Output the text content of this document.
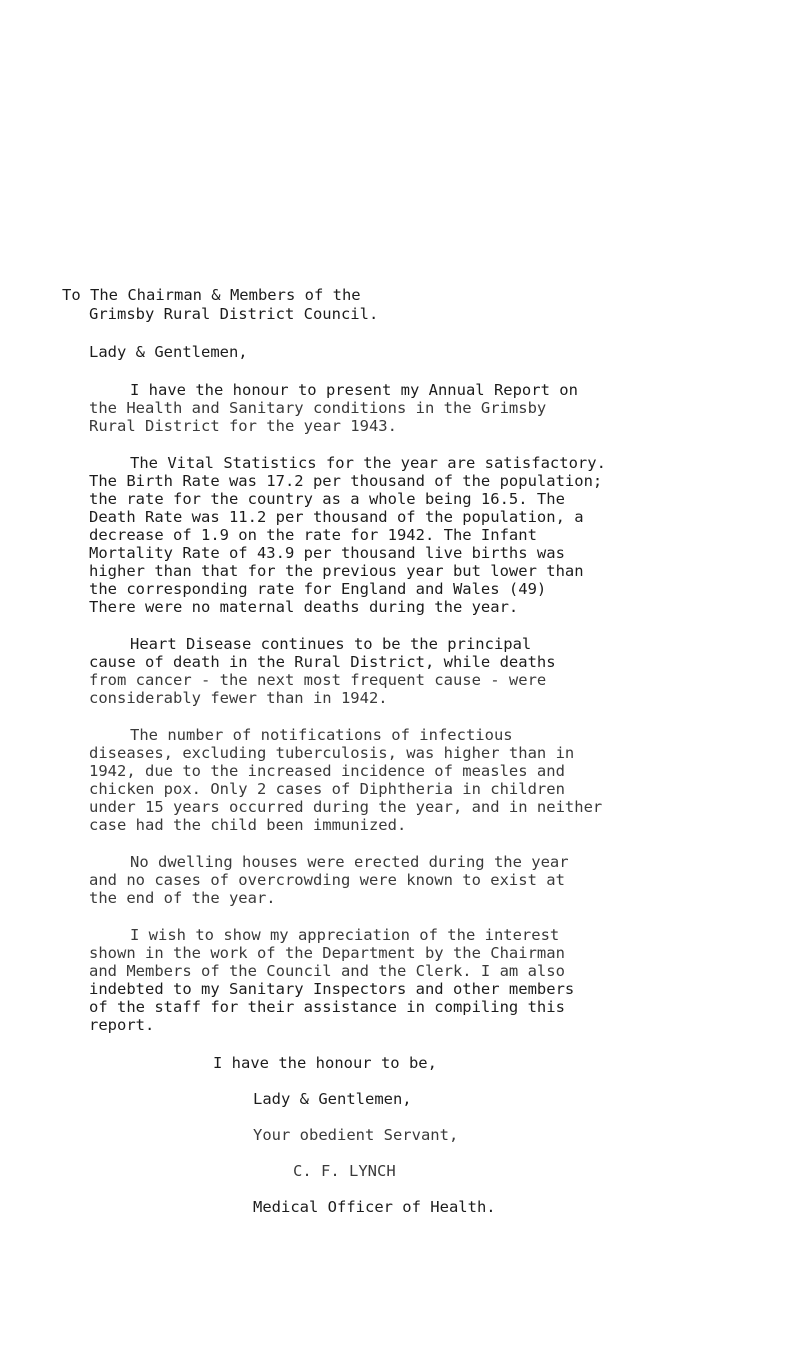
To The Chairman & Members of the
Grimsby Rural District Council.
Lady & Gentlemen,
I have the honour to present my Annual Report on
the Health and Sanitary conditions in the Grimsby
Rural District for the year 1943.
The Vital Statistics for the year are satisfactory.
The Birth Rate was 17.2 per thousand of the population;
the rate for the country as a whole being 16.5. The
Death Rate was 11.2 per thousand of the population, a
decrease of 1.9 on the rate for 1942. The Infant
Mortality Rate of 43.9 per thousand live births was
higher than that for the previous year but lower than
the corresponding rate for England and Wales (49)
There were no maternal deaths during the year.
Heart Disease continues to be the principal
cause of death in the Rural District, while deaths
from cancer - the next most frequent cause - were
considerably fewer than in 1942.
The number of notifications of infectious
diseases, excluding tuberculosis, was higher than in
1942, due to the increased incidence of measles and
chicken pox. Only 2 cases of Diphtheria in children
under 15 years occurred during the year, and in neither
case had the child been immunized.
No dwelling houses were erected during the year
and no cases of overcrowding were known to exist at
the end of the year.
I wish to show my appreciation of the interest
shown in the work of the Department by the Chairman
and Members of the Council and the Clerk. I am also
indebted to my Sanitary Inspectors and other members
of the staff for their assistance in compiling this
report.
I have the honour to be,
Lady & Gentlemen,
Your obedient Servant,
C. F. LYNCH
Medical Officer of Health.
